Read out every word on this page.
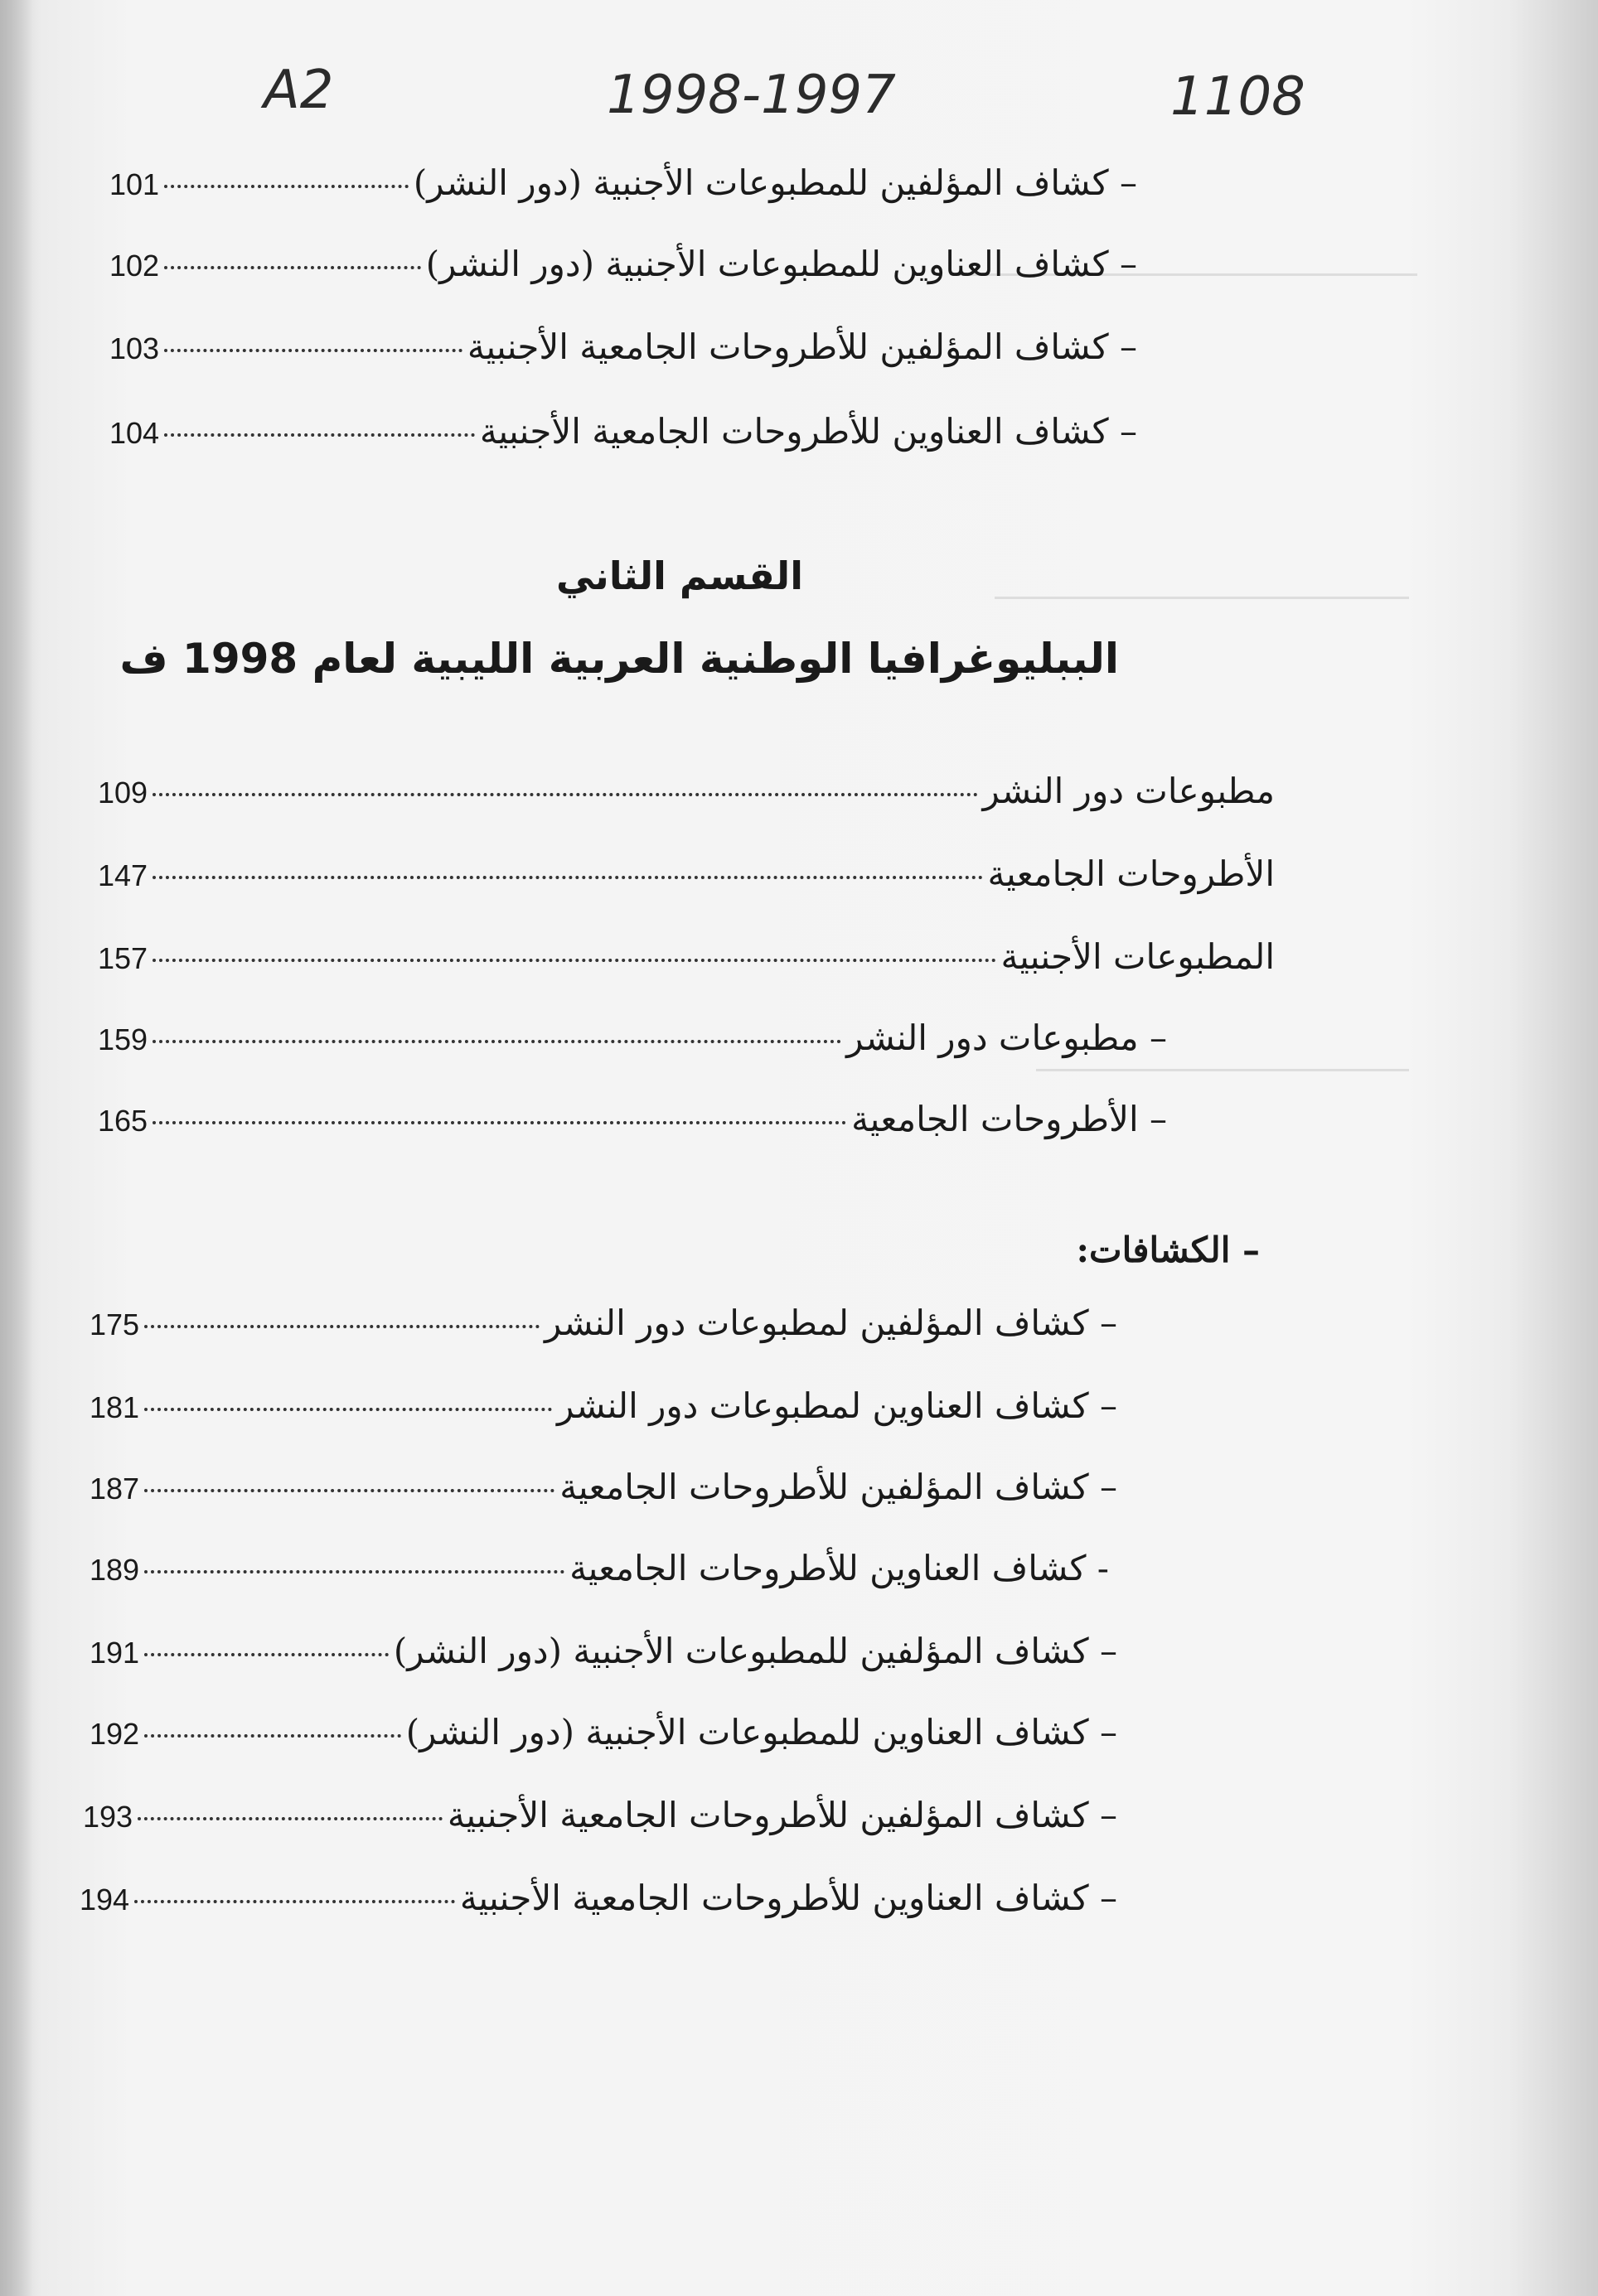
A2	1998-1997	1108
– كشاف المؤلفين للمطبوعات الأجنبية (دور النشر)
101
– كشاف العناوين للمطبوعات الأجنبية (دور النشر)
102
– كشاف المؤلفين للأطروحات الجامعية الأجنبية
103
– كشاف العناوين للأطروحات الجامعية الأجنبية
104
القسم الثاني
الببليوغرافيا الوطنية العربية الليبية لعام 1998 ف
مطبوعات دور النشر
109
الأطروحات الجامعية
147
المطبوعات الأجنبية
157
– مطبوعات دور النشر
159
– الأطروحات الجامعية
165
– الكشافات:
– كشاف المؤلفين لمطبوعات دور النشر
175
– كشاف العناوين لمطبوعات دور النشر
181
– كشاف المؤلفين للأطروحات الجامعية
187
- كشاف العناوين للأطروحات الجامعية
189
– كشاف المؤلفين للمطبوعات الأجنبية (دور النشر)
191
– كشاف العناوين للمطبوعات الأجنبية (دور النشر)
192
– كشاف المؤلفين للأطروحات الجامعية الأجنبية
193
– كشاف العناوين للأطروحات الجامعية الأجنبية
194
